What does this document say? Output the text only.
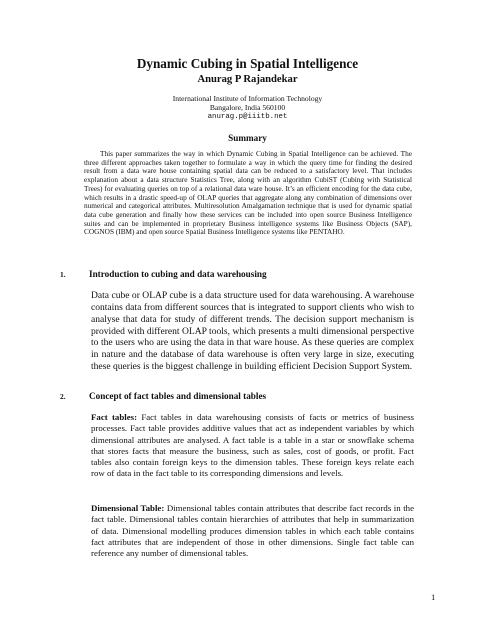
Dynamic Cubing in Spatial Intelligence
Anurag P Rajandekar
International Institute of Information Technology
Bangalore, India 560100
anurag.p@iiitb.net
Summary

This paper summarizes the way in which Dynamic Cubing in Spatial Intelligence can be achieved. The three different approaches taken together to formulate a way in which the query time for finding the desired result from a data ware house containing spatial data can be reduced to a satisfactory level. That includes explanation about a data structure Statistics Tree, along with an algorithm CubiST (Cubing with Statistical Trees) for evaluating queries on top of a relational data ware house. It’s an efficient encoding for the data cube, which results in a drastic speed-up of OLAP queries that aggregate along any combination of dimensions over numerical and categorical attributes. Multiresolution Amalgamation technique that is used for dynamic spatial data cube generation and finally how these services can be included into open source Business Intelligence suites and can be implemented in proprietary Business intelligence systems like Business Objects (SAP), COGNOS (IBM) and open source Spatial Business Intelligence systems like PENTAHO.

1.	Introduction to cubing and data warehousing

Data cube or OLAP cube is a data structure used for data warehousing. A warehouse contains data from different sources that is integrated to support clients who wish to analyse that data for study of different trends. The decision support mechanism is provided with different OLAP tools, which presents a multi dimensional perspective to the users who are using the data in that ware house. As these queries are complex in nature and the database of data warehouse is often very large in size, executing these queries is the biggest challenge in building efficient Decision Support System.

2.	Concept of fact tables and dimensional tables

Fact tables: Fact tables in data warehousing consists of facts or metrics of business processes. Fact table provides additive values that act as independent variables by which dimensional attributes are analysed. A fact table is a table in a star or snowflake schema that stores facts that measure the business, such as sales, cost of goods, or profit. Fact tables also contain foreign keys to the dimension tables. These foreign keys relate each row of data in the fact table to its corresponding dimensions and levels.

Dimensional Table: Dimensional tables contain attributes that describe fact records in the fact table. Dimensional tables contain hierarchies of attributes that help in summarization of data. Dimensional modelling produces dimension tables in which each table contains fact attributes that are independent of those in other dimensions. Single fact table can reference any number of dimensional tables.

1
